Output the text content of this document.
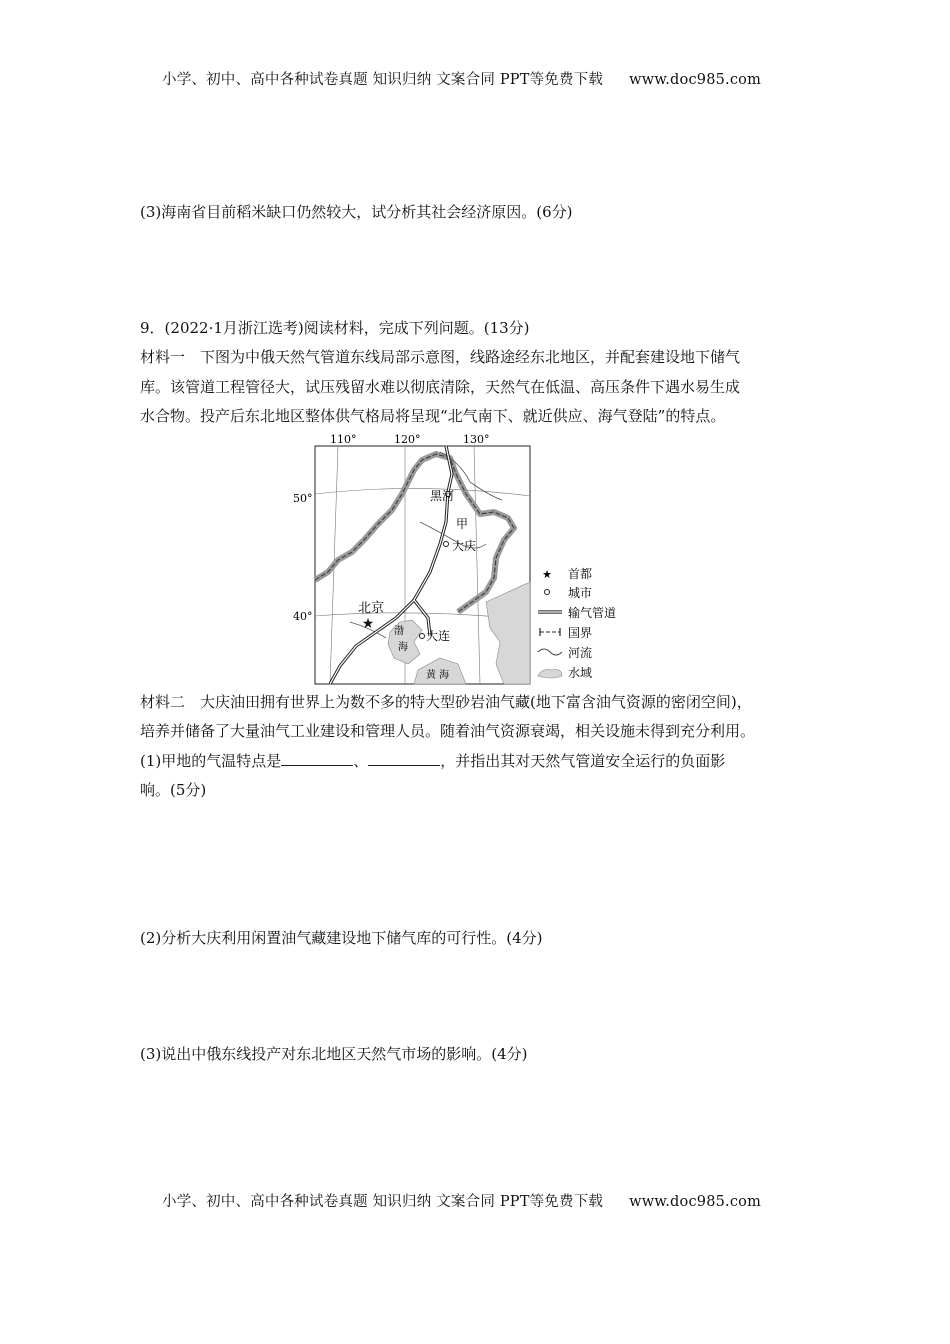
小学、初中、高中各种试卷真题 知识归纳 文案合同 PPT等免费下载 www.doc985.com
(3)海南省目前稻米缺口仍然较大，试分析其社会经济原因。(6分)
9．(2022·1月浙江选考)阅读材料，完成下列问题。(13分)
材料一　下图为中俄天然气管道东线局部示意图，线路途经东北地区，并配套建设地下储气
库。该管道工程管径大，试压残留水难以彻底清除，天然气在低温、高压条件下遇水易生成
水合物。投产后东北地区整体供气格局将呈现“北气南下、就近供应、海气登陆”的特点。
110°	120°	130°
50°
40°
黑河
甲
大庆
北京
★
大连
渤
海
黄 海
★ 首都
城市
输气管道
国界
河流
水域
材料二　大庆油田拥有世界上为数不多的特大型砂岩油气藏(地下富含油气资源的密闭空间)，
培养并储备了大量油气工业建设和管理人员。随着油气资源衰竭，相关设施未得到充分利用。
(1)甲地的气温特点是	、	，并指出其对天然气管道安全运行的负面影
响。(5分)
(2)分析大庆利用闲置油气藏建设地下储气库的可行性。(4分)
(3)说出中俄东线投产对东北地区天然气市场的影响。(4分)
小学、初中、高中各种试卷真题 知识归纳 文案合同 PPT等免费下载 www.doc985.com
